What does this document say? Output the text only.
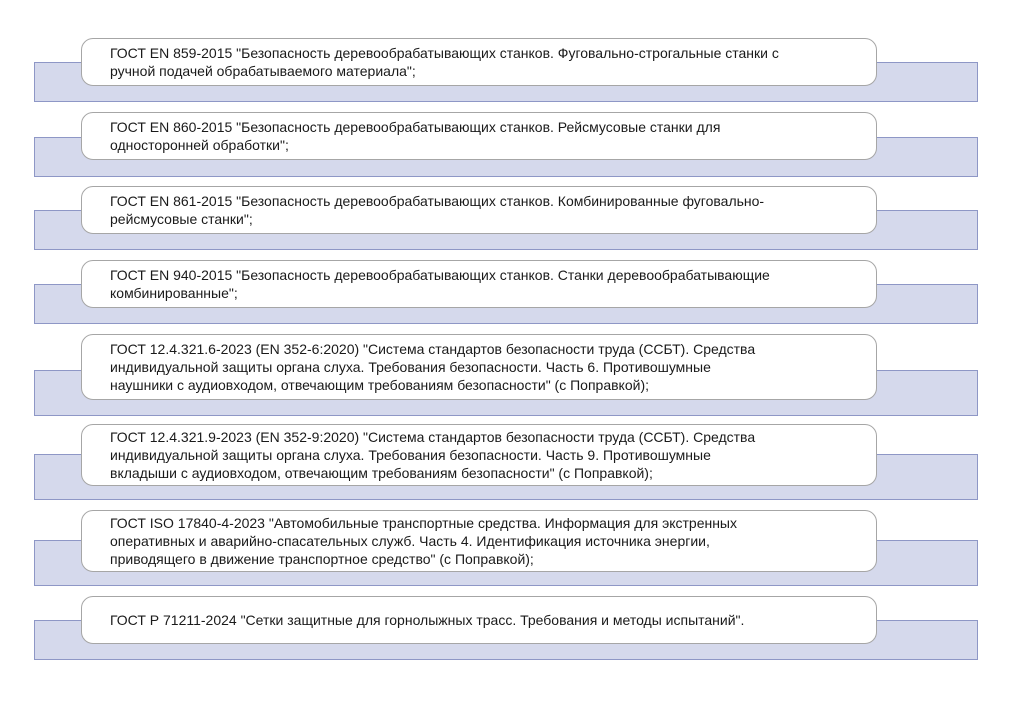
ГОСТ EN 859-2015 "Безопасность деревообрабатывающих станков. Фуговально-строгальные станки с
ручной подачей обрабатываемого материала";
ГОСТ EN 860-2015 "Безопасность деревообрабатывающих станков. Рейсмусовые станки для
односторонней обработки";
ГОСТ EN 861-2015 "Безопасность деревообрабатывающих станков. Комбинированные фуговально-
рейсмусовые станки";
ГОСТ EN 940-2015 "Безопасность деревообрабатывающих станков. Станки деревообрабатывающие
комбинированные";
ГОСТ 12.4.321.6-2023 (EN 352-6:2020) "Система стандартов безопасности труда (ССБТ). Средства
индивидуальной защиты органа слуха. Требования безопасности. Часть 6. Противошумные
наушники с аудиовходом, отвечающим требованиям безопасности" (с Поправкой);
ГОСТ 12.4.321.9-2023 (EN 352-9:2020) "Система стандартов безопасности труда (ССБТ). Средства
индивидуальной защиты органа слуха. Требования безопасности. Часть 9. Противошумные
вкладыши с аудиовходом, отвечающим требованиям безопасности" (с Поправкой);
ГОСТ ISO 17840-4-2023 "Автомобильные транспортные средства. Информация для экстренных
оперативных и аварийно-спасательных служб. Часть 4. Идентификация источника энергии,
приводящего в движение транспортное средство" (с Поправкой);
ГОСТ Р 71211-2024 "Сетки защитные для горнолыжных трасс. Требования и методы испытаний".
